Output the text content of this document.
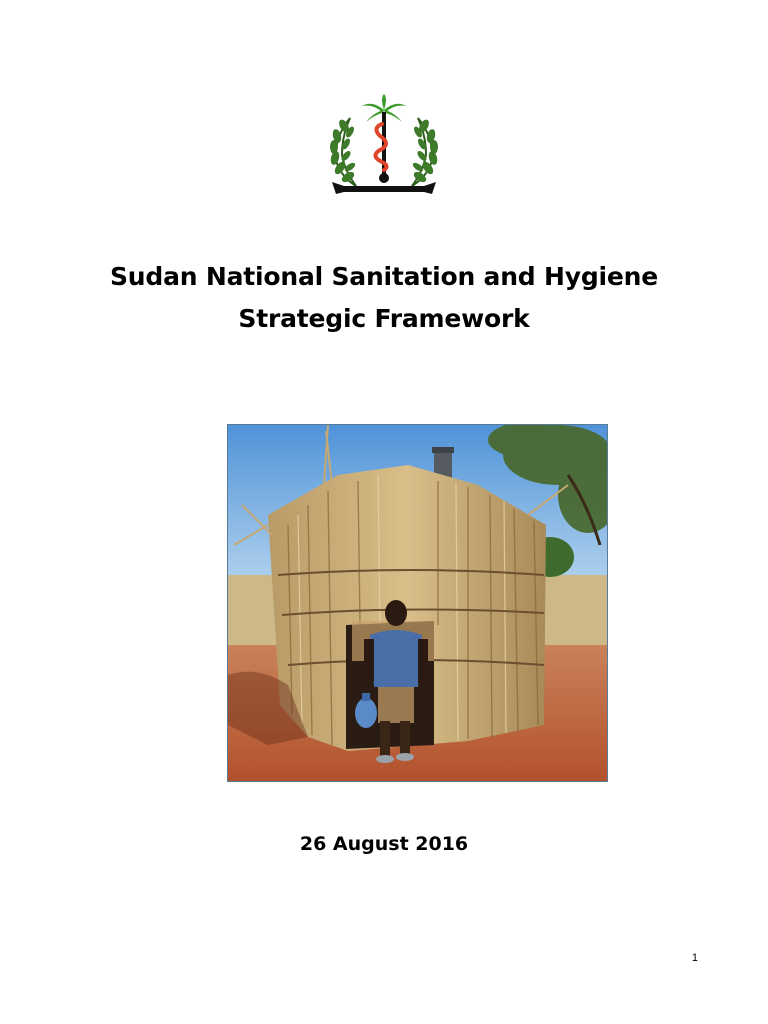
Sudan National Sanitation and Hygiene
Strategic Framework
26 August 2016
1
